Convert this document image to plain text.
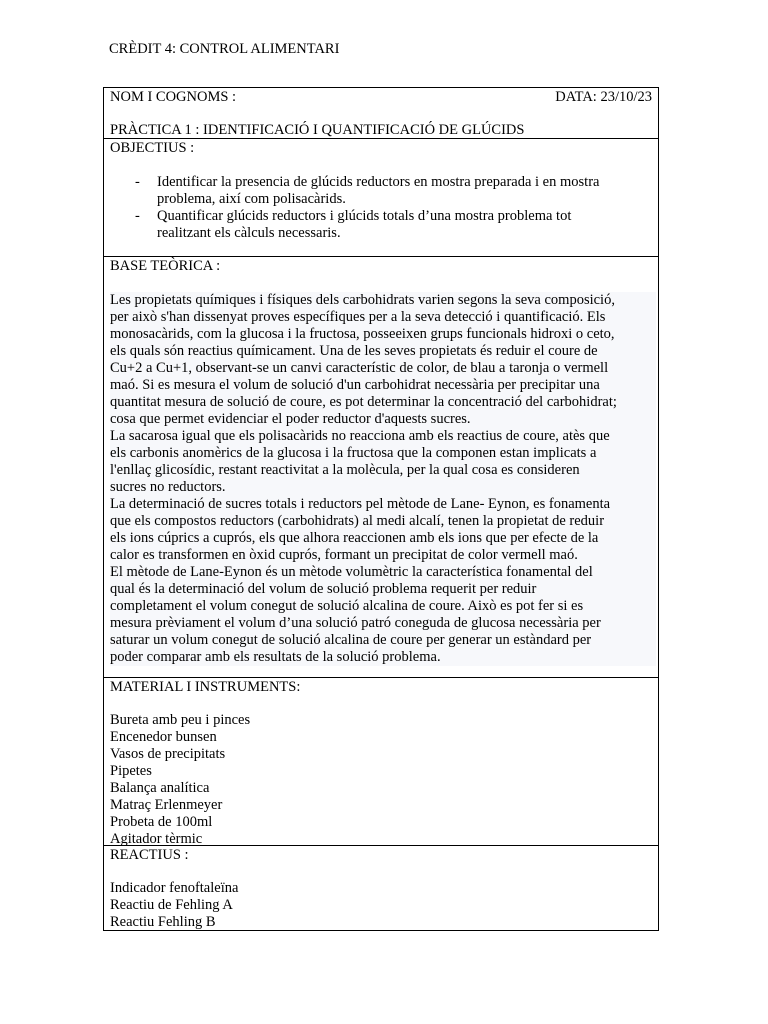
CRÈDIT 4: CONTROL ALIMENTARI
NOM I COGNOMS :	DATA: 23/10/23
PRÀCTICA 1 : IDENTIFICACIÓ I QUANTIFICACIÓ DE GLÚCIDS
OBJECTIUS :
- Identificar la presencia de glúcids reductors en mostra preparada i en mostra
problema, així com polisacàrids.
- Quantificar glúcids reductors i glúcids totals d’una mostra problema tot
realitzant els càlculs necessaris.
BASE TEÒRICA :
Les propietats químiques i físiques dels carbohidrats varien segons la seva composició,
per això s'han dissenyat proves específiques per a la seva detecció i quantificació. Els
monosacàrids, com la glucosa i la fructosa, posseeixen grups funcionals hidroxi o ceto,
els quals són reactius químicament. Una de les seves propietats és reduir el coure de
Cu+2 a Cu+1, observant-se un canvi característic de color, de blau a taronja o vermell
maó. Si es mesura el volum de solució d'un carbohidrat necessària per precipitar una
quantitat mesura de solució de coure, es pot determinar la concentració del carbohidrat;
cosa que permet evidenciar el poder reductor d'aquests sucres.
La sacarosa igual que els polisacàrids no reacciona amb els reactius de coure, atès que
els carbonis anomèrics de la glucosa i la fructosa que la componen estan implicats a
l'enllaç glicosídic, restant reactivitat a la molècula, per la qual cosa es consideren
sucres no reductors.
La determinació de sucres totals i reductors pel mètode de Lane- Eynon, es fonamenta
que els compostos reductors (carbohidrats) al medi alcalí, tenen la propietat de reduir
els ions cúprics a cuprós, els que alhora reaccionen amb els ions que per efecte de la
calor es transformen en òxid cuprós, formant un precipitat de color vermell maó.
El mètode de Lane-Eynon és un mètode volumètric la característica fonamental del
qual és la determinació del volum de solució problema requerit per reduir
completament el volum conegut de solució alcalina de coure. Això es pot fer si es
mesura prèviament el volum d’una solució patró coneguda de glucosa necessària per
saturar un volum conegut de solució alcalina de coure per generar un estàndard per
poder comparar amb els resultats de la solució problema.
MATERIAL I INSTRUMENTS:
Bureta amb peu i pinces
Encenedor bunsen
Vasos de precipitats
Pipetes
Balança analítica
Matraç Erlenmeyer
Probeta de 100ml
Agitador tèrmic
REACTIUS :
Indicador fenoftaleïna
Reactiu de Fehling A
Reactiu Fehling B
